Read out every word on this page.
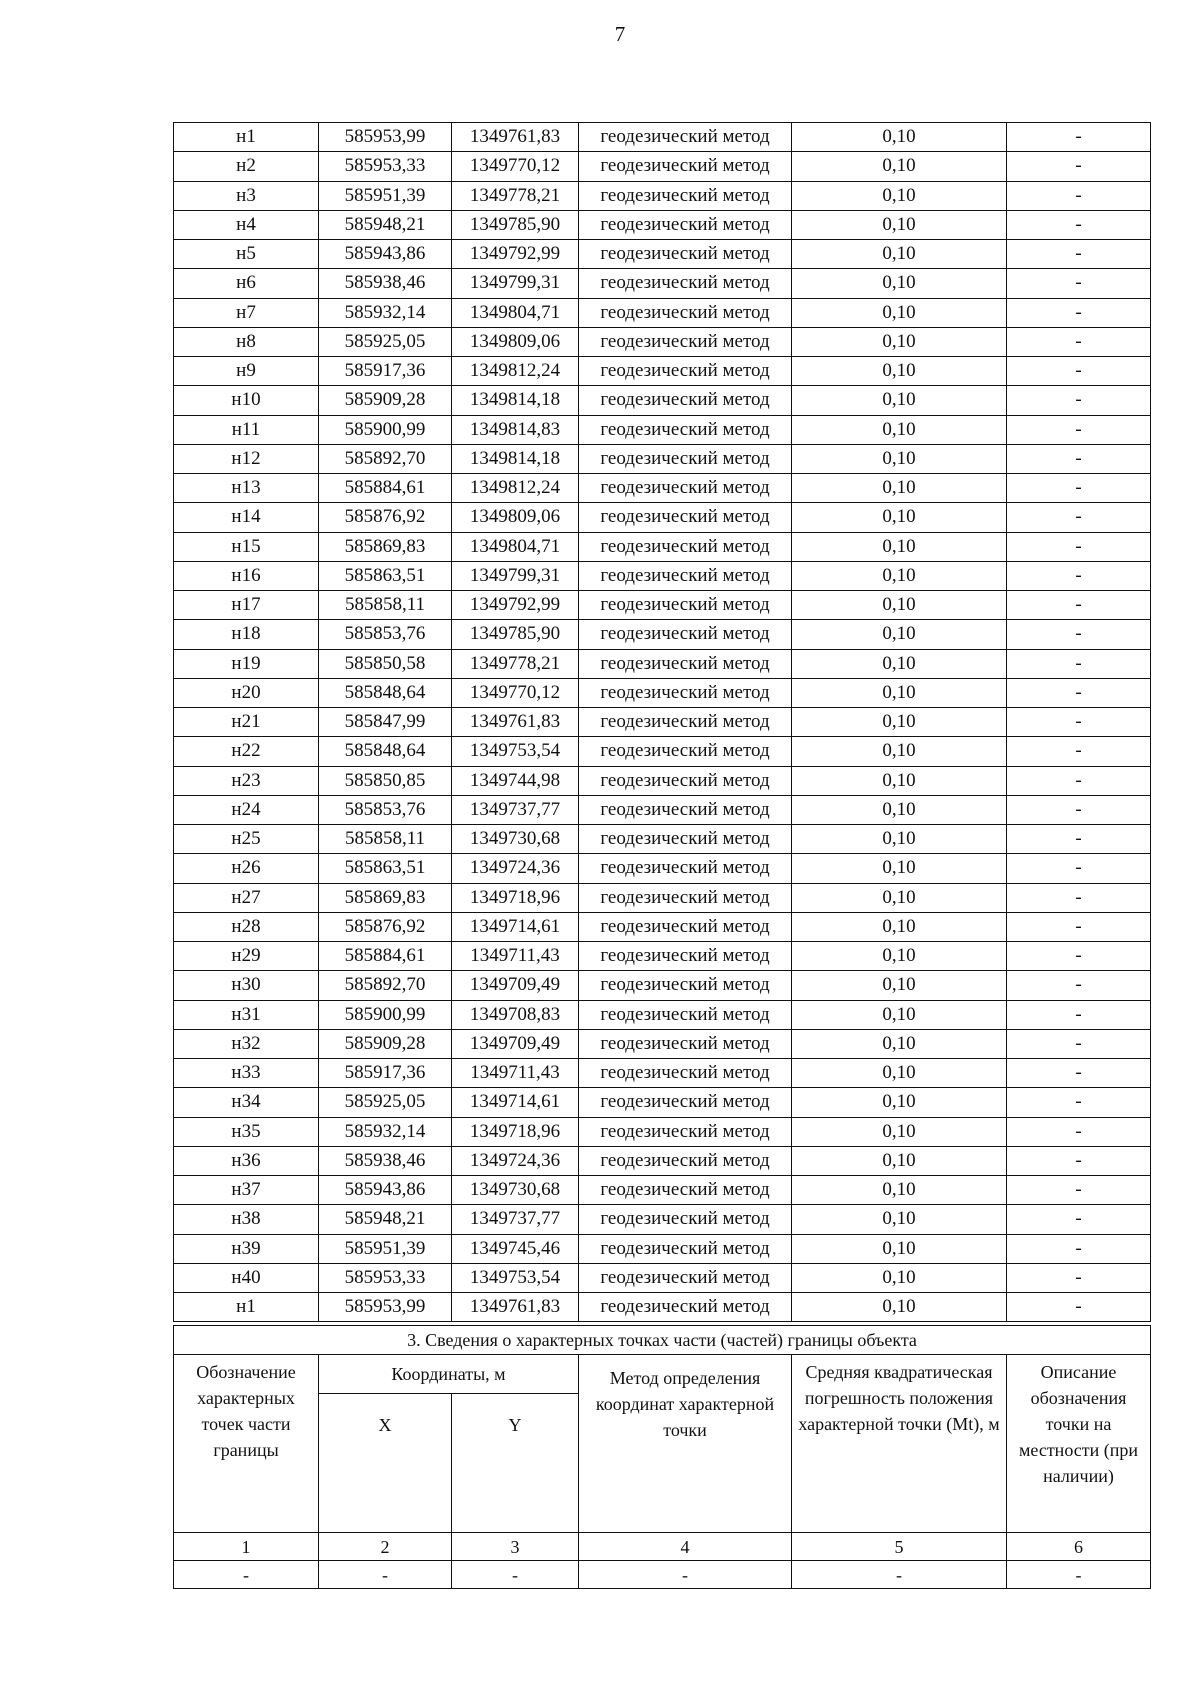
7
н1	585953,99	1349761,83	геодезический метод	0,10	-
н2	585953,33	1349770,12	геодезический метод	0,10	-
н3	585951,39	1349778,21	геодезический метод	0,10	-
н4	585948,21	1349785,90	геодезический метод	0,10	-
н5	585943,86	1349792,99	геодезический метод	0,10	-
н6	585938,46	1349799,31	геодезический метод	0,10	-
н7	585932,14	1349804,71	геодезический метод	0,10	-
н8	585925,05	1349809,06	геодезический метод	0,10	-
н9	585917,36	1349812,24	геодезический метод	0,10	-
н10	585909,28	1349814,18	геодезический метод	0,10	-
н11	585900,99	1349814,83	геодезический метод	0,10	-
н12	585892,70	1349814,18	геодезический метод	0,10	-
н13	585884,61	1349812,24	геодезический метод	0,10	-
н14	585876,92	1349809,06	геодезический метод	0,10	-
н15	585869,83	1349804,71	геодезический метод	0,10	-
н16	585863,51	1349799,31	геодезический метод	0,10	-
н17	585858,11	1349792,99	геодезический метод	0,10	-
н18	585853,76	1349785,90	геодезический метод	0,10	-
н19	585850,58	1349778,21	геодезический метод	0,10	-
н20	585848,64	1349770,12	геодезический метод	0,10	-
н21	585847,99	1349761,83	геодезический метод	0,10	-
н22	585848,64	1349753,54	геодезический метод	0,10	-
н23	585850,85	1349744,98	геодезический метод	0,10	-
н24	585853,76	1349737,77	геодезический метод	0,10	-
н25	585858,11	1349730,68	геодезический метод	0,10	-
н26	585863,51	1349724,36	геодезический метод	0,10	-
н27	585869,83	1349718,96	геодезический метод	0,10	-
н28	585876,92	1349714,61	геодезический метод	0,10	-
н29	585884,61	1349711,43	геодезический метод	0,10	-
н30	585892,70	1349709,49	геодезический метод	0,10	-
н31	585900,99	1349708,83	геодезический метод	0,10	-
н32	585909,28	1349709,49	геодезический метод	0,10	-
н33	585917,36	1349711,43	геодезический метод	0,10	-
н34	585925,05	1349714,61	геодезический метод	0,10	-
н35	585932,14	1349718,96	геодезический метод	0,10	-
н36	585938,46	1349724,36	геодезический метод	0,10	-
н37	585943,86	1349730,68	геодезический метод	0,10	-
н38	585948,21	1349737,77	геодезический метод	0,10	-
н39	585951,39	1349745,46	геодезический метод	0,10	-
н40	585953,33	1349753,54	геодезический метод	0,10	-
н1	585953,99	1349761,83	геодезический метод	0,10	-
3. Сведения о характерных точках части (частей) границы объекта					
Обозначение характерных точек части границы	Координаты, м		Метод определения координат характерной точки	Средняя квадратическая погрешность положения характерной точки (Mt), м	Описание обозначения точки на местности (при наличии)
	X	Y			
1	2	3	4	5	6
-	-	-	-	-	-
